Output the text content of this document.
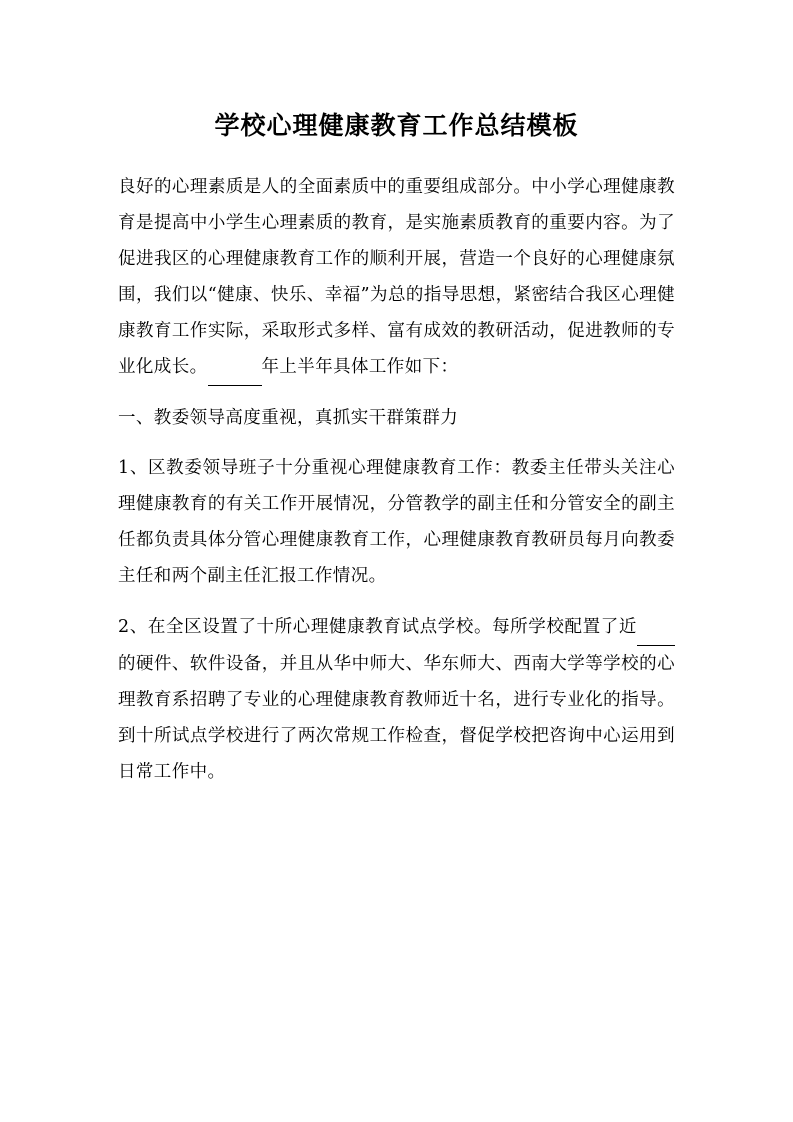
学校心理健康教育工作总结模板

良好的心理素质是人的全面素质中的重要组成部分。中小学心理健康教育是提高中小学生心理素质的教育，是实施素质教育的重要内容。为了促进我区的心理健康教育工作的顺利开展，营造一个良好的心理健康氛围，我们以“健康、快乐、幸福”为总的指导思想，紧密结合我区心理健康教育工作实际，采取形式多样、富有成效的教研活动，促进教师的专业化成长。	年上半年具体工作如下：

一、教委领导高度重视，真抓实干群策群力

1、区教委领导班子十分重视心理健康教育工作：教委主任带头关注心理健康教育的有关工作开展情况，分管教学的副主任和分管安全的副主任都负责具体分管心理健康教育工作，心理健康教育教研员每月向教委主任和两个副主任汇报工作情况。

2、在全区设置了十所心理健康教育试点学校。每所学校配置了近 的硬件、软件设备，并且从华中师大、华东师大、西南大学等学校的心理教育系招聘了专业的心理健康教育教师近十名，进行专业化的指导。到十所试点学校进行了两次常规工作检查，督促学校把咨询中心运用到日常工作中。
